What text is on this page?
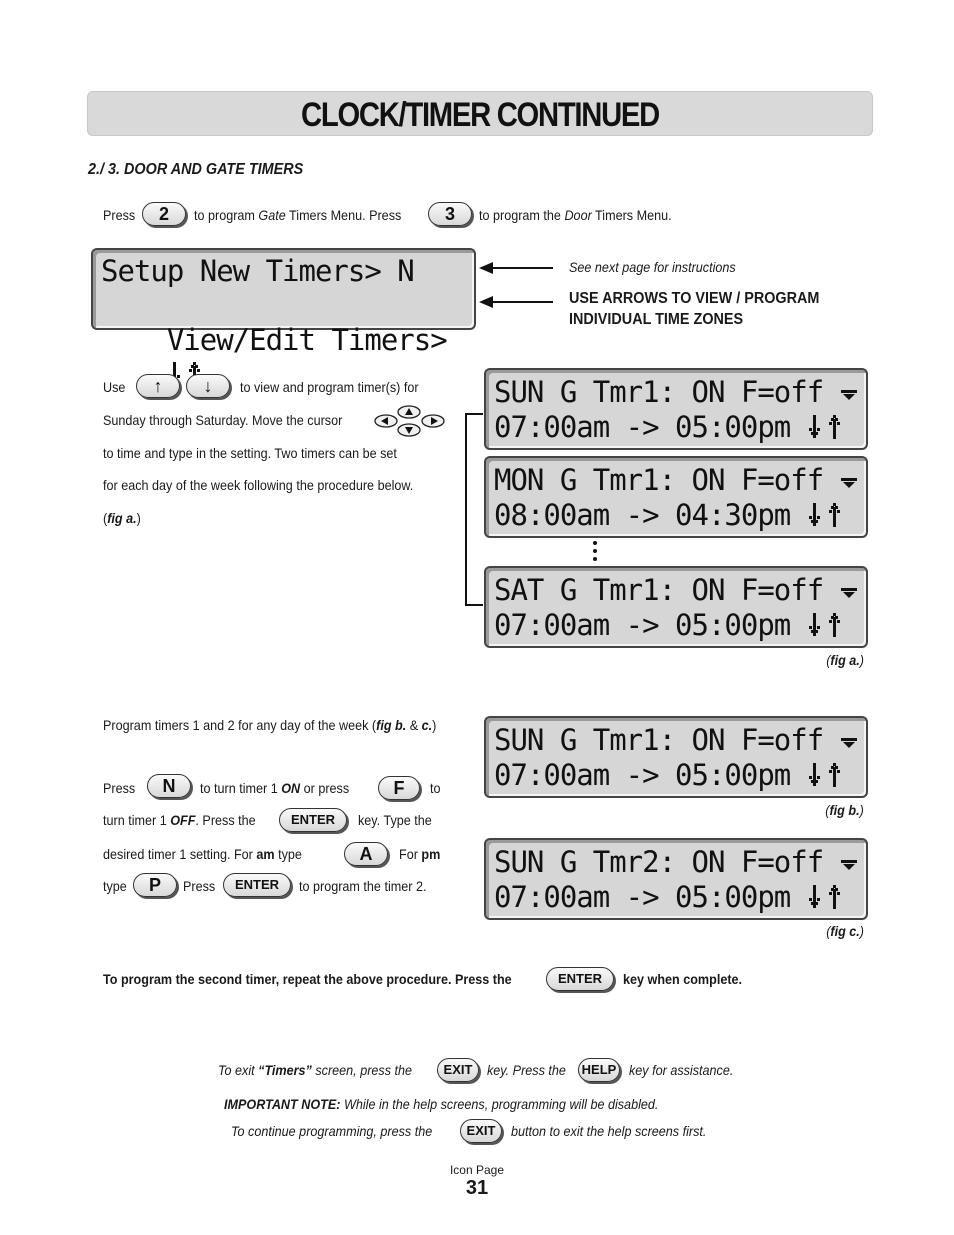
CLOCK/TIMER CONTINUED
2./ 3. DOOR AND GATE TIMERS
Press	2	to program Gate Timers Menu. Press	3	to program the Door Timers Menu.
Setup New Timers> N

View/Edit Timers>

See next page for instructions
USE ARROWS TO VIEW / PROGRAM
INDIVIDUAL TIME ZONES
Use	↑	↓	to view and program timer(s) for
Sunday through Saturday. Move the cursor
to time and type in the setting. Two timers can be set
for each day of the week following the procedure below.
(fig a.)
SUN G Tmr1: ON F=off
07:00am -> 05:00pm
MON G Tmr1: ON F=off
08:00am -> 04:30pm
SAT G Tmr1: ON F=off
07:00am -> 05:00pm
(fig a.)
Program timers 1 and 2 for any day of the week (fig b. & c.)
Press	N	to turn timer 1 ON or press	F	to
turn timer 1 OFF. Press the	ENTER	key. Type the
desired timer 1 setting. For am type	A	For pm
type	P	Press	ENTER	to program the timer 2.
SUN G Tmr1: ON F=off
07:00am -> 05:00pm
(fig b.)
SUN G Tmr2: ON F=off
07:00am -> 05:00pm
(fig c.)
To program the second timer, repeat the above procedure. Press the	ENTER	key when complete.
To exit “Timers” screen, press the	EXIT	key. Press the HELP key for assistance.
IMPORTANT NOTE: While in the help screens, programming will be disabled.
To continue programming, press the	EXIT	button to exit the help screens first.
Icon Page
31
